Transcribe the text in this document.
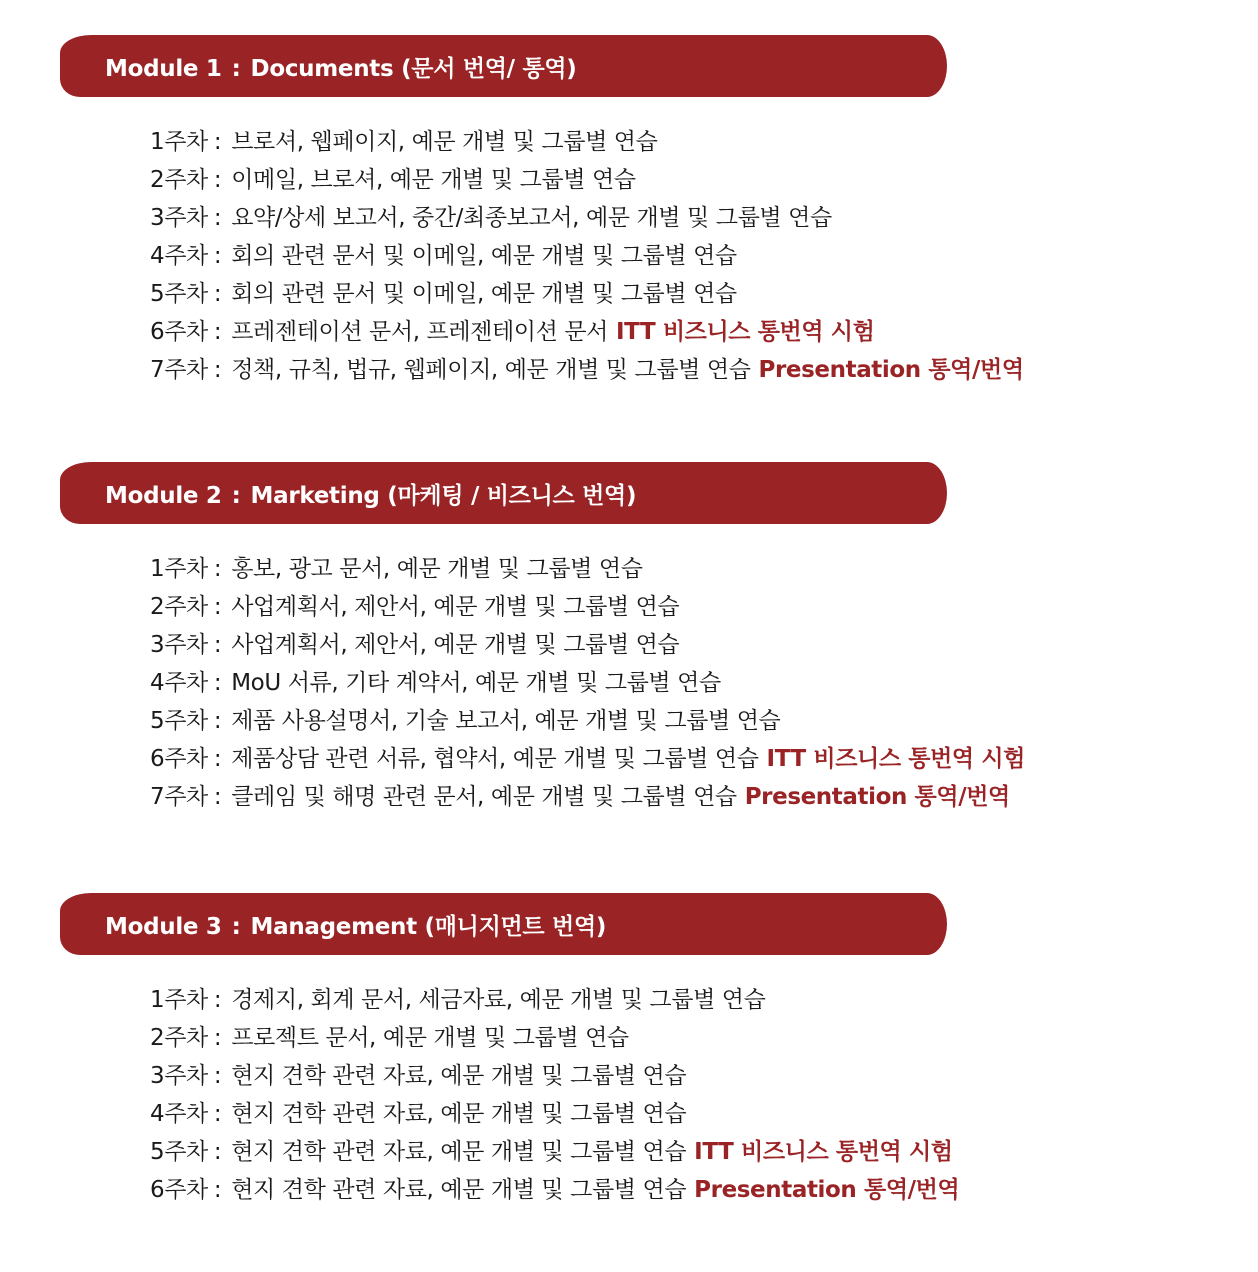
Module 1 : Documents (문서 번역/ 통역)
1주차 : 브로셔, 웹페이지, 예문 개별 및 그룹별 연습
2주차 : 이메일, 브로셔, 예문 개별 및 그룹별 연습
3주차 : 요약/상세 보고서, 중간/최종보고서, 예문 개별 및 그룹별 연습
4주차 : 회의 관련 문서 및 이메일, 예문 개별 및 그룹별 연습
5주차 : 회의 관련 문서 및 이메일, 예문 개별 및 그룹별 연습
6주차 : 프레젠테이션 문서, 프레젠테이션 문서 ITT 비즈니스 통번역 시험
7주차 : 정책, 규칙, 법규, 웹페이지, 예문 개별 및 그룹별 연습 Presentation 통역/번역
Module 2 : Marketing (마케팅 / 비즈니스 번역)
1주차 : 홍보, 광고 문서, 예문 개별 및 그룹별 연습
2주차 : 사업계획서, 제안서, 예문 개별 및 그룹별 연습
3주차 : 사업계획서, 제안서, 예문 개별 및 그룹별 연습
4주차 : MoU 서류, 기타 계약서, 예문 개별 및 그룹별 연습
5주차 : 제품 사용설명서, 기술 보고서, 예문 개별 및 그룹별 연습
6주차 : 제품상담 관련 서류, 협약서, 예문 개별 및 그룹별 연습 ITT 비즈니스 통번역 시험
7주차 : 클레임 및 해명 관련 문서, 예문 개별 및 그룹별 연습 Presentation 통역/번역
Module 3 : Management (매니지먼트 번역)
1주차 : 경제지, 회계 문서, 세금자료, 예문 개별 및 그룹별 연습
2주차 : 프로젝트 문서, 예문 개별 및 그룹별 연습
3주차 : 현지 견학 관련 자료, 예문 개별 및 그룹별 연습
4주차 : 현지 견학 관련 자료, 예문 개별 및 그룹별 연습
5주차 : 현지 견학 관련 자료, 예문 개별 및 그룹별 연습 ITT 비즈니스 통번역 시험
6주차 : 현지 견학 관련 자료, 예문 개별 및 그룹별 연습 Presentation 통역/번역
